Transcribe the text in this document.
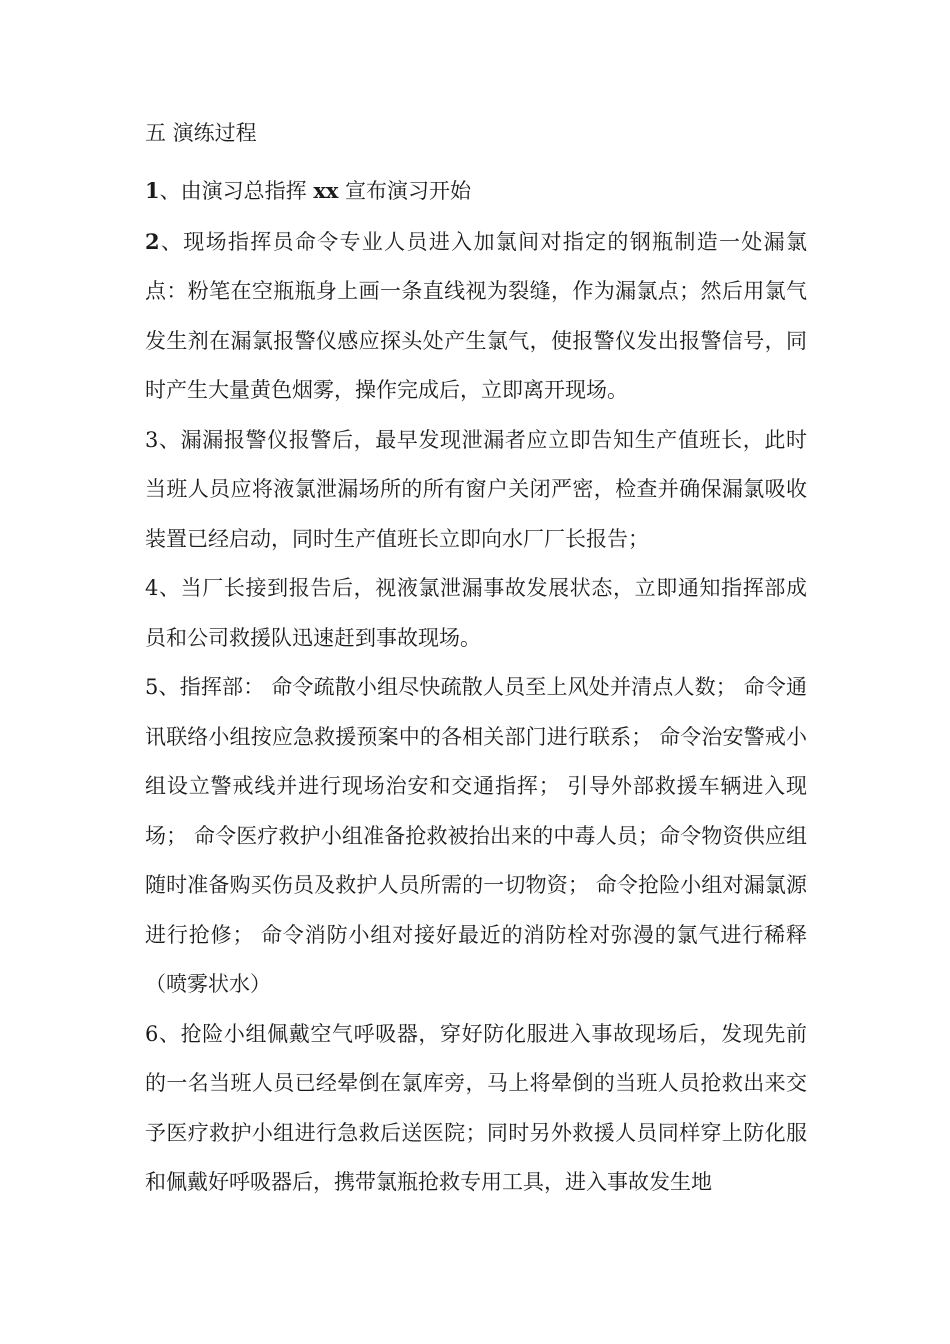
五 演练过程

1、由演习总指挥 xx 宣布演习开始

2、现场指挥员命令专业人员进入加氯间对指定的钢瓶制造一处漏氯点：粉笔在空瓶瓶身上画一条直线视为裂缝，作为漏氯点；然后用氯气发生剂在漏氯报警仪感应探头处产生氯气，使报警仪发出报警信号，同时产生大量黄色烟雾，操作完成后，立即离开现场。

3、漏漏报警仪报警后，最早发现泄漏者应立即告知生产值班长，此时当班人员应将液氯泄漏场所的所有窗户关闭严密，检查并确保漏氯吸收装置已经启动，同时生产值班长立即向水厂厂长报告；

4、当厂长接到报告后，视液氯泄漏事故发展状态，立即通知指挥部成员和公司救援队迅速赶到事故现场。

5、指挥部： 命令疏散小组尽快疏散人员至上风处并清点人数； 命令通讯联络小组按应急救援预案中的各相关部门进行联系； 命令治安警戒小组设立警戒线并进行现场治安和交通指挥； 引导外部救援车辆进入现场； 命令医疗救护小组准备抢救被抬出来的中毒人员；命令物资供应组随时准备购买伤员及救护人员所需的一切物资； 命令抢险小组对漏氯源进行抢修； 命令消防小组对接好最近的消防栓对弥漫的氯气进行稀释 （喷雾状水）

6、抢险小组佩戴空气呼吸器，穿好防化服进入事故现场后，发现先前的一名当班人员已经晕倒在氯库旁，马上将晕倒的当班人员抢救出来交予医疗救护小组进行急救后送医院；同时另外救援人员同样穿上防化服和佩戴好呼吸器后，携带氯瓶抢救专用工具，进入事故发生地
